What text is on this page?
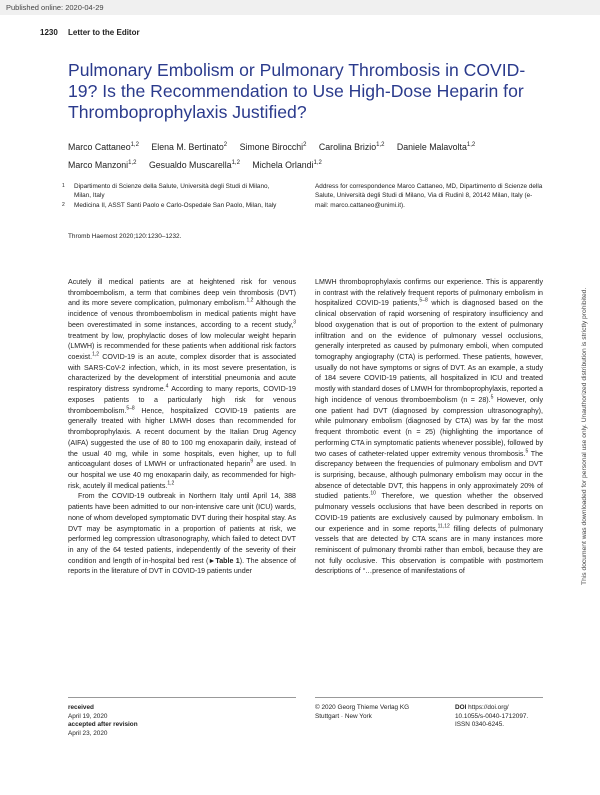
Published online: 2020-04-29
1230 Letter to the Editor
Pulmonary Embolism or Pulmonary Thrombosis in COVID-19? Is the Recommendation to Use High-Dose Heparin for Thromboprophylaxis Justified?
Marco Cattaneo$^{1,2}$ Elena M. Bertinato$^2$ Simone Birocchi$^2$ Carolina Brizio$^{1,2}$ Daniele Malavolta$^{1,2}$ Marco Manzoni$^{1,2}$ Gesualdo Muscarella$^{1,2}$ Michela Orlandi$^{1,2}$
1 Dipartimento di Scienze della Salute, Università degli Studi di Milano, Milan, Italy
2 Medicina II, ASST Santi Paolo e Carlo-Ospedale San Paolo, Milan, Italy
Address for correspondence Marco Cattaneo, MD, Dipartimento di Scienze della Salute, Università degli Studi di Milano, Via di Rudinì 8, 20142 Milan, Italy (e-mail: marco.cattaneo@unimi.it).
Thromb Haemost 2020;120:1230–1232.
This document was downloaded for personal use only. Unauthorized distribution is strictly prohibited.

Acutely ill medical patients are at heightened risk for venous thromboembolism, a term that combines deep vein thrombosis (DVT) and its more severe complication, pulmonary embolism.$^{1,2}$ Although the incidence of venous thromboembolism in medical patients might have been overestimated in some instances, according to a recent study,$^3$ treatment by low, prophylactic doses of low molecular weight heparin (LMWH) is recommended for these patients when additional risk factors coexist.$^{1,2}$ COVID-19 is an acute, complex disorder that is associated with SARS-CoV-2 infection, which, in its most severe presentation, is characterized by the development of interstitial pneumonia and acute respiratory distress syndrome.$^4$ According to many reports, COVID-19 exposes patients to a particularly high risk for venous thromboembolism.$^{5-8}$ Hence, hospitalized COVID-19 patients are generally treated with higher LMWH doses than recommended for thromboprophylaxis. A recent document by the Italian Drug Agency (AIFA) suggested the use of 80 to 100 mg enoxaparin daily, instead of the usual 40 mg, while in some hospitals, even higher, up to full anticoagulant doses of LMWH or unfractionated heparin$^9$ are used. In our hospital we use 40 mg enoxaparin daily, as recommended for high-risk, acutely ill medical patients.$^{1,2}$

From the COVID-19 outbreak in Northern Italy until April 14, 388 patients have been admitted to our non-intensive care unit (ICU) wards, none of whom developed symptomatic DVT during their hospital stay. As DVT may be asymptomatic in a proportion of patients at risk, we performed leg compression ultrasonography, which failed to detect DVT in any of the 64 tested patients, independently of the severity of their condition and length of in-hospital bed rest (►Table 1). The absence of reports in the literature of DVT in COVID-19 patients under

LMWH thromboprophylaxis confirms our experience. This is apparently in contrast with the relatively frequent reports of pulmonary embolism in hospitalized COVID-19 patients,$^{5-8}$ which is diagnosed based on the clinical observation of rapid worsening of respiratory insufficiency and blood oxygenation that is out of proportion to the extent of pulmonary infiltration and on the evidence of pulmonary vessel occlusions, generally interpreted as caused by pulmonary emboli, when computed tomography angiography (CTA) is performed. These patients, however, usually do not have symptoms or signs of DVT. As an example, a study of 184 severe COVID-19 patients, all hospitalized in ICU and treated mostly with standard doses of LMWH for thromboprophylaxis, reported a high incidence of venous thromboembolism (n = 28).$^5$ However, only one patient had DVT (diagnosed by compression ultrasonography), while pulmonary embolism (diagnosed by CTA) was by far the most frequent thrombotic event (n = 25) (highlighting the importance of performing CTA in symptomatic patients whenever possible), followed by two cases of catheter-related upper extremity venous thrombosis.$^5$ The discrepancy between the frequencies of pulmonary embolism and DVT is surprising, because, although pulmonary embolism may occur in the absence of detectable DVT, this happens in only approximately 20% of studied patients.$^{10}$ Therefore, we question whether the observed pulmonary vessels occlusions that have been described in reports on COVID-19 patients are exclusively caused by pulmonary embolism. In our experience and in some reports,$^{11,12}$ filling defects of pulmonary vessels that are detected by CTA scans are in many instances more reminiscent of pulmonary thrombi rather than emboli, because they are not fully occlusive. This observation is compatible with postmortem descriptions of “…presence of manifestations of

received
April 19, 2020
accepted after revision
April 23, 2020
© 2020 Georg Thieme Verlag KG
Stuttgart · New York
DOI https://doi.org/
10.1055/s-0040-1712097.
ISSN 0340-6245.
